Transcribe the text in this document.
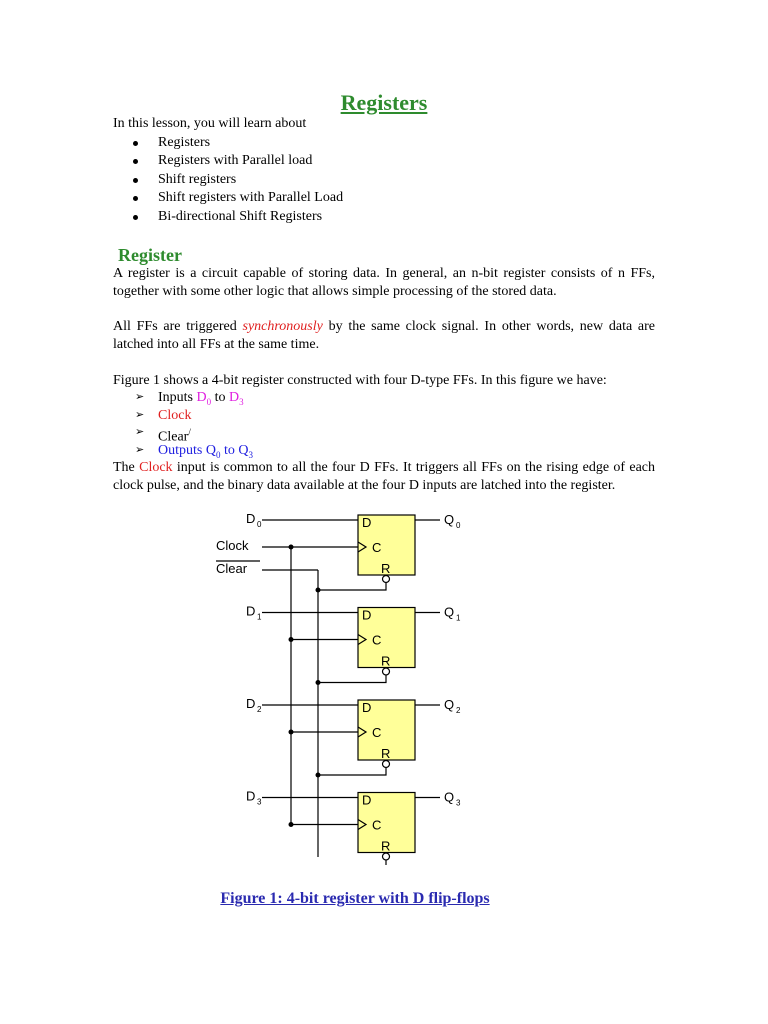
Registers

In this lesson, you will learn about

Registers
Registers with Parallel load
Shift registers
Shift registers with Parallel Load
Bi-directional Shift Registers
Register

A register is a circuit capable of storing data. In general, an n-bit register consists of n FFs, together with some other logic that allows simple processing of the stored data.

All FFs are triggered synchronously by the same clock signal. In other words, new data are latched into all FFs at the same time.

Figure 1 shows a 4-bit register constructed with four D-type FFs. In this figure we have:

➢ Inputs $D_0$ to $D_3$
➢ Clock
➢ Clear/
➢ Outputs $Q_0$ to $Q_3$

The Clock input is common to all the four D FFs. It triggers all FFs on the rising edge of each clock pulse, and the binary data available at the four D inputs are latched into the register.

D
C
R
D 0	Q 0
D
C
R
D 1	Q 1
D
C
R
D 2	Q 2
D
C
R
D 3	Q 3
Clock
Clear

Figure 1: 4-bit register with D flip-flops
